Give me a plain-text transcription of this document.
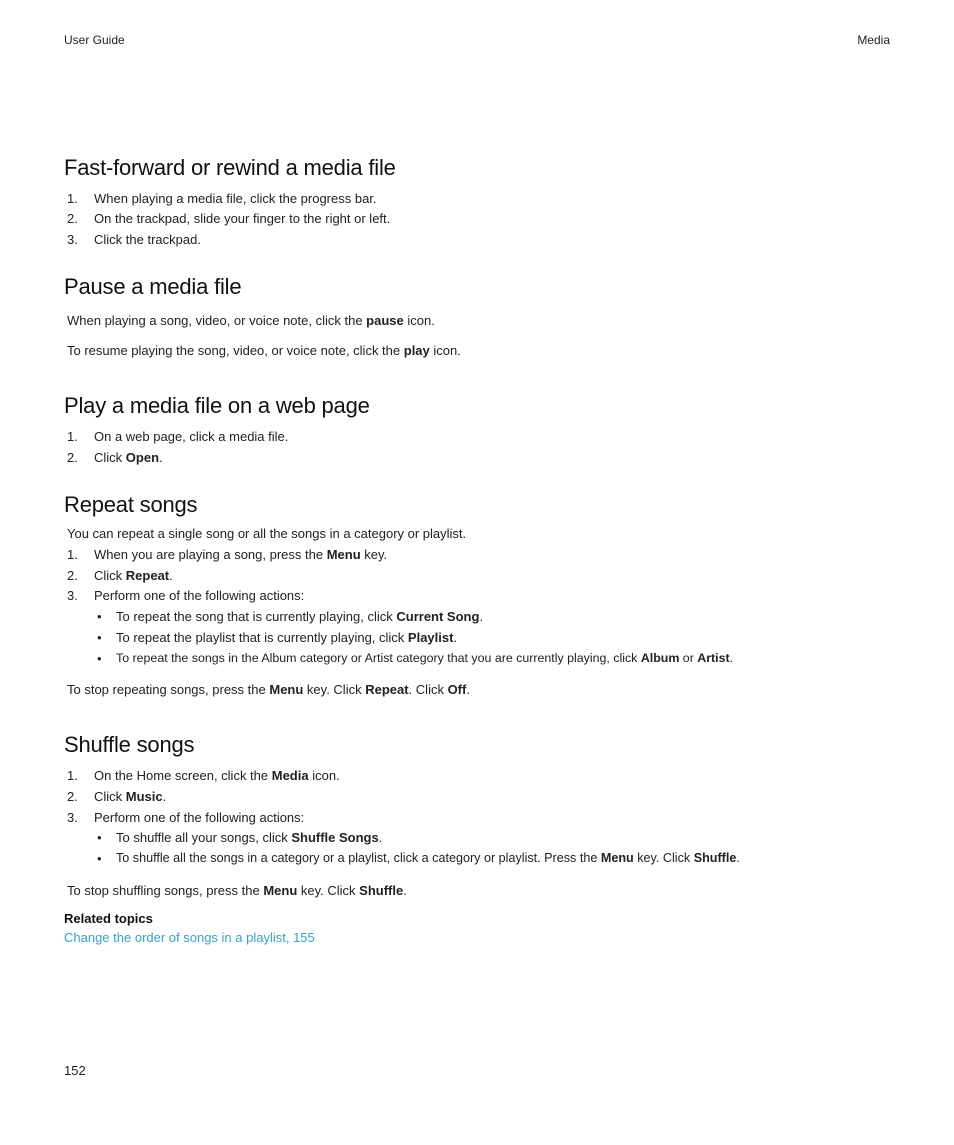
User Guide	Media
Fast-forward or rewind a media file
1. When playing a media file, click the progress bar.
2. On the trackpad, slide your finger to the right or left.
3. Click the trackpad.
Pause a media file
When playing a song, video, or voice note, click the pause icon.
To resume playing the song, video, or voice note, click the play icon.
Play a media file on a web page
1. On a web page, click a media file.
2. Click Open.
Repeat songs
You can repeat a single song or all the songs in a category or playlist.
1. When you are playing a song, press the Menu key.
2. Click Repeat.
3. Perform one of the following actions:
• To repeat the song that is currently playing, click Current Song.
• To repeat the playlist that is currently playing, click Playlist.
• To repeat the songs in the Album category or Artist category that you are currently playing, click Album or Artist.
To stop repeating songs, press the Menu key. Click Repeat. Click Off.
Shuffle songs
1. On the Home screen, click the Media icon.
2. Click Music.
3. Perform one of the following actions:
• To shuffle all your songs, click Shuffle Songs.
• To shuffle all the songs in a category or a playlist, click a category or playlist. Press the Menu key. Click Shuffle.
To stop shuffling songs, press the Menu key. Click Shuffle.
Related topics
Change the order of songs in a playlist, 155
152
